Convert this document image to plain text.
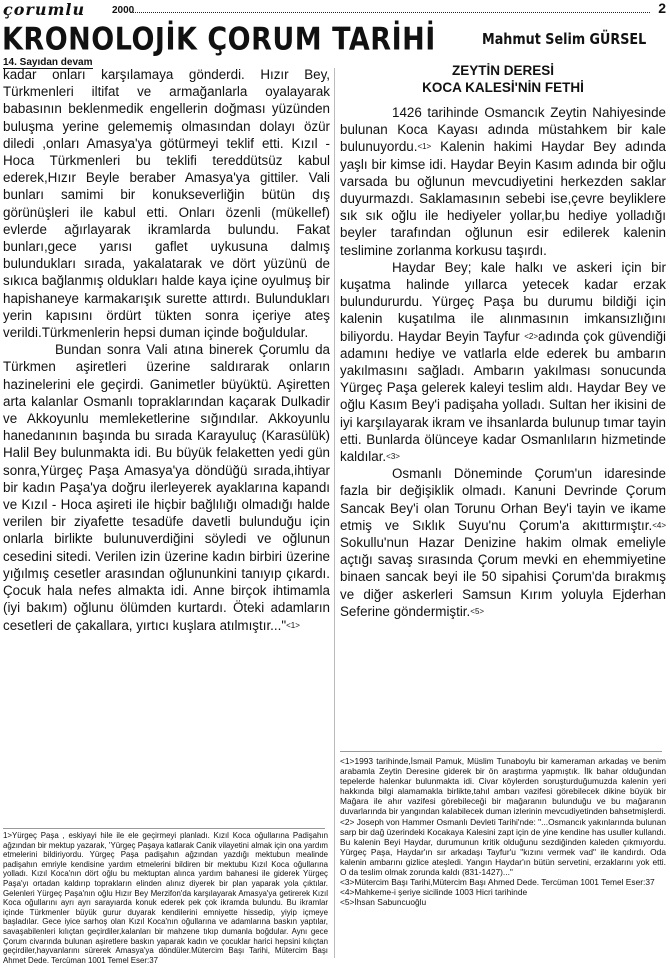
çorumlu	2000	2
KRONOLOJİK ÇORUM TARİHİ	Mahmut Selim GÜRSEL
14. Sayıdan devam

kadar onları karşılamaya gönderdi. Hızır Bey, Türkmenleri iltifat ve armağanlarla oyalayarak babasının beklenmedik engellerin doğması yüzünden buluşma yerine gelememiş olmasından dolayı özür diledi ,onları Amasya'ya götürmeyi teklif etti. Kızıl - Hoca Türkmenleri bu teklifi tereddütsüz kabul ederek,Hızır Beyle beraber Amasya'ya gittiler. Vali bunları samimi bir konukseverliğin bütün dış görünüşleri ile kabul etti. Onları özenli (mükellef) evlerde ağırlayarak ikramlarda bulundu. Fakat bunları,gece yarısı gaflet uykusuna dalmış bulundukları sırada, yakalatarak ve dört yüzünü de sıkıca bağlanmış oldukları halde kaya içine oyulmuş bir hapishaneye karmakarışık surette attırdı. Bulundukları yerin kapısını ördürt tükten sonra içeriye ateş verildi.Türkmenlerin hepsi duman içinde boğuldular.

Bundan sonra Vali atına binerek Çorumlu da Türkmen aşiretleri üzerine saldırarak onların hazinelerini ele geçirdi. Ganimetler büyüktü. Aşiretten arta kalanlar Osmanlı topraklarından kaçarak Dulkadir ve Akkoyunlu memleketlerine sığındılar. Akkoyunlu hanedanının başında bu sırada Karayuluç (Karasülük) Halil Bey bulunmakta idi. Bu büyük felaketten yedi gün sonra,Yürgeç Paşa Amasya'ya döndüğü sırada,ihtiyar bir kadın Paşa'ya doğru ilerleyerek ayaklarına kapandı ve Kızıl - Hoca aşireti ile hiçbir bağlılığı olmadığı halde verilen bir ziyafette tesadüfe davetli bulunduğu için onlarla birlikte bulunuverdiğini söyledi ve oğlunun cesedini sitedi. Verilen izin üzerine kadın birbiri üzerine yığılmış cesetler arasından oğlununkini tanıyıp çıkardı. Çocuk hala nefes almakta idi. Anne birçok ihtimamla (iyi bakım) oğlunu ölümden kurtardı. Öteki adamların cesetleri de çakallara, yırtıcı kuşlara atılmıştır..."<1>

1>Yürgeç Paşa , eskiyayi hile ile ele geçirmeyi planladı. Kızıl Koca oğullarına Padişahın ağzından bir mektup yazarak, 'Yürgeç Paşaya katlarak Canik vilayetini almak için ona yardım etmelerini bildiriyordu. Yürgeç Paşa padişahın ağzından yazdığı mektubun mealinde padişahın emriyle kendisine yardım etmelerini bildiren bir mektubu Kızıl Koca oğullarına yolladı. Kızıl Koca'nın dört oğlu bu mektuptan alınca yardım bahanesi ile giderek Yürgeç Paşa'yı ortadan kaldırıp toprakların elinden alınız diyerek bir plan yaparak yola çıktılar. Gelenleri Yürgeç Paşa'nın oğlu Hızır Bey Merzifon'da karşılayarak Amasya'ya getirerek Kızıl Koca oğullarını ayrı ayrı sarayıarda konuk ederek pek çok ikramda bulundu. Bu ikramlar içinde Türkmenler büyük gurur duyarak kendilerini emniyette hissedip, yiyip içmeye başladılar. Gece iyice sarhoş olan Kızıl Koca'nın oğullarına ve adamlarına baskın yaptılar, savaşabilenleri kılıçtan geçirdiler,kalanları bir mahzene tıkıp dumanla boğdular. Aynı gece Çorum civarında bulunan aşiretlere baskın yaparak kadın ve çocuklar harici hepsini kılıçtan geçirdiler,hayvanlarını sürerek Amasya'ya döndüler.Mütercim Başı Tarihi, Mütercim Başı Ahmet Dede. Tercüman 1001 Temel Eser:37

ZEYTİN DERESİ
KOCA KALESİ'NİN FETHİ

1426 tarihinde Osmancık Zeytin Nahiyesinde bulunan Koca Kayası adında müstahkem bir kale bulunuyordu.<1> Kalenin hakimi Haydar Bey adında yaşlı bir kimse idi. Haydar Beyin Kasım adında bir oğlu varsada bu oğlunun mevcudiyetini herkezden saklar duyurmazdı. Saklamasının sebebi ise,çevre beyliklere sık sık oğlu ile hediyeler yollar,bu hediye yolladığı beyler tarafından oğlunun esir edilerek kalenin teslimine zorlanma korkusu taşırdı.

Haydar Bey; kale halkı ve askeri için bir kuşatma halinde yıllarca yetecek kadar erzak bulundururdu. Yürgeç Paşa bu durumu bildiği için kalenin kuşatılma ile alınmasının imkansızlığını biliyordu. Haydar Beyin Tayfur <2>adında çok güvendiği adamını hediye ve vatlarla elde ederek bu ambarın yakılmasını sağladı. Ambarın yakılması sonucunda Yürgeç Paşa gelerek kaleyi teslim aldı. Haydar Bey ve oğlu Kasım Bey'i padişaha yolladı. Sultan her ikisini de iyi karşılayarak ikram ve ihsanlarda bulunup tımar tayin etti. Bunlarda ölünceye kadar Osmanlıların hizmetinde kaldılar.<3>

Osmanlı Döneminde Çorum'un idaresinde fazla bir değişiklik olmadı. Kanuni Devrinde Çorum Sancak Bey'i olan Torunu Orhan Bey'i tayin ve ikame etmiş ve Sıklık Suyu'nu Çorum'a akıttırmıştır.<4> Sokullu'nun Hazar Denizine hakim olmak emeliyle açtığı savaş sırasında Çorum mevki en ehemmiyetine binaen sancak beyi ile 50 sipahisi Çorum'da bırakmış ve diğer askerleri Samsun Kırım yoluyla Ejderhan Seferine göndermiştir.<5>

<1>1993 tarihinde,İsmail Pamuk, Müslim Tunaboylu bir kameraman arkadaş ve benim arabamla Zeytin Deresine giderek bir ön araştırma yapmıştık. İlk bahar olduğundan tepelerde halenkar bulunmakta idi. Civar köylerden soruşturduğumuzda kalenin yeri hakkında bilgi alamamakla birlikte,tahıl ambarı vazifesi görebilecek dikine büyük bir Mağara ile ahır vazifesi görebileceği bir mağaranın bulunduğu ve bu mağaranın duvarlarında bir yangından kalabilecek duman izlerinin mevcudiyetinden bahsetmişlerdi.

<2> Joseph von Hammer Osmanlı Devleti Tarihi'nde: "...Osmancık yakınlarında bulunan sarp bir dağ üzerindeki Kocakaya Kalesini zapt için de yine kendine has usuller kullandı. Bu kalenin Beyi Haydar, durumunun kritik olduğunu sezdiğinden kaleden çıkmıyordu. Yürgeç Paşa, Haydar'ın sır arkadaşı Tayfur'u "kızını vermek vad" ile kandırdı. Oda kalenin ambarını gizlice ateşledi. Yangın Haydar'ın bütün servetini, erzaklarını yok etti. O da teslim olmak zorunda kaldı (831-1427)..."

<3>Mütercim Başı Tarihi,Mütercim Başı Ahmed Dede. Tercüman 1001 Temel Eser:37

<4>Mahkeme-i şeriye sicilinde 1003 Hicri tarihinde

<5>İhsan Sabuncuoğlu
